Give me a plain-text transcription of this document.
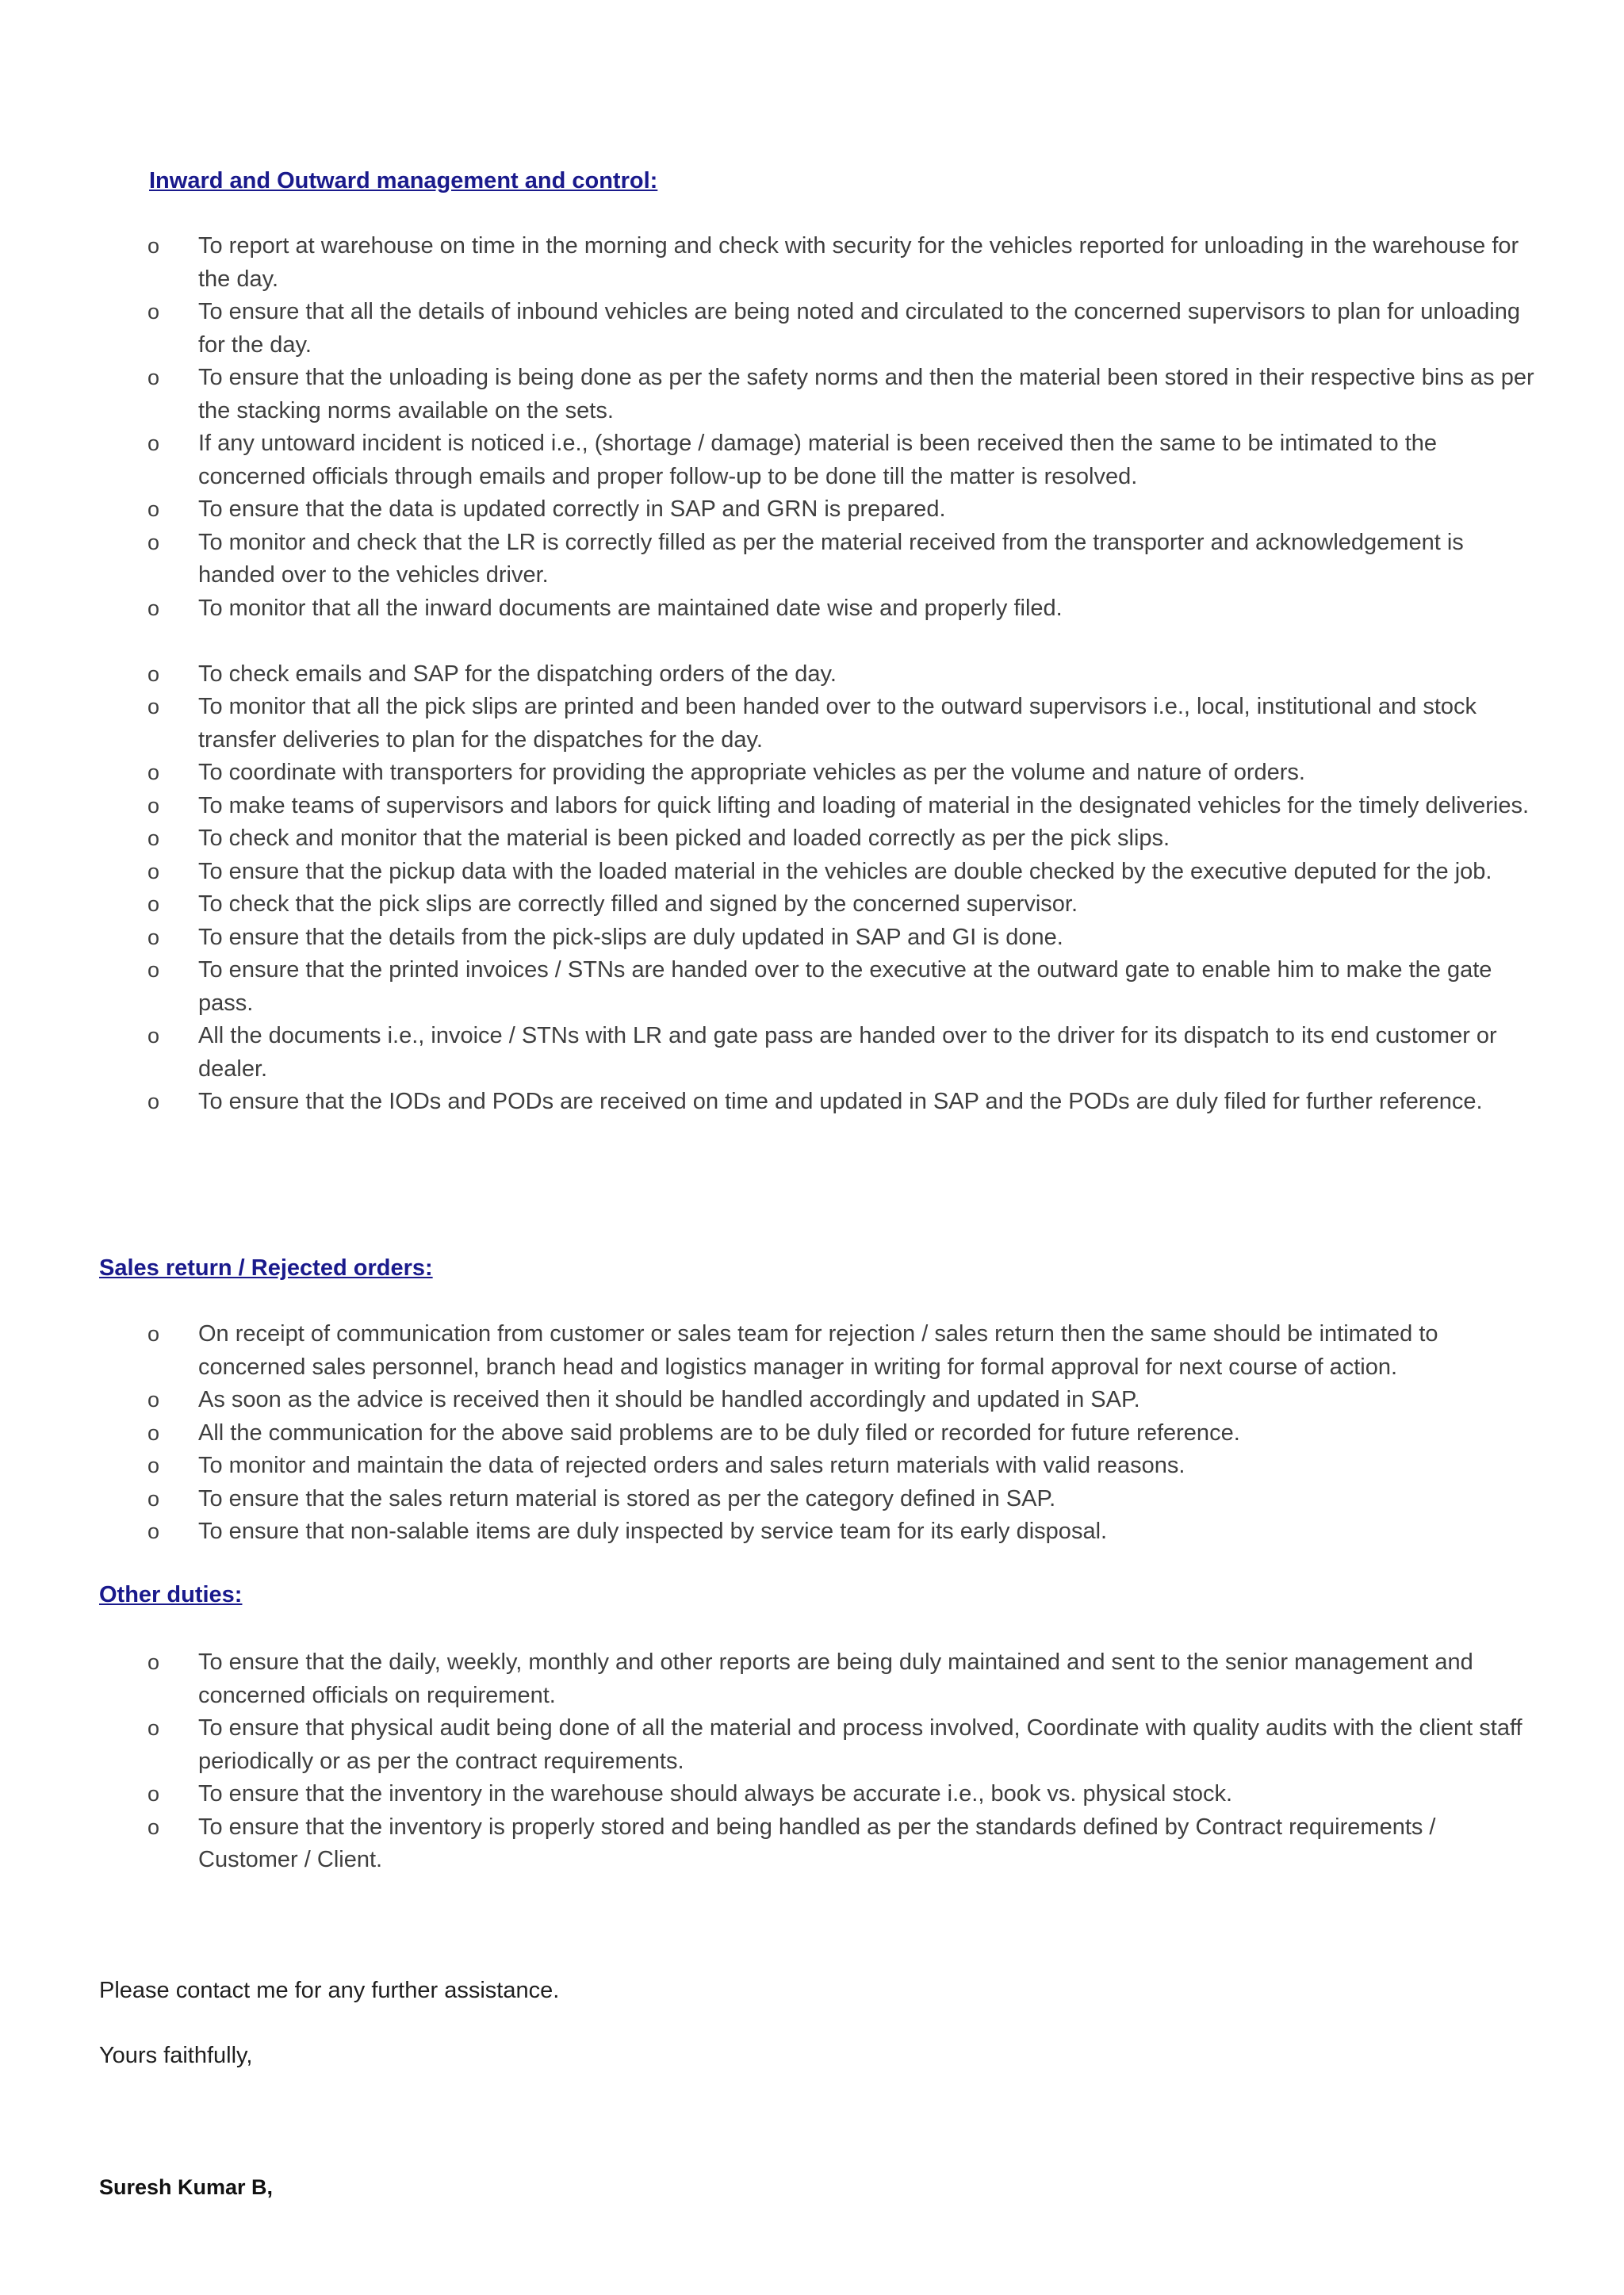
Inward and Outward management and control:
o To report at warehouse on time in the morning and check with security for the vehicles reported for unloading in the warehouse for the day.
o To ensure that all the details of inbound vehicles are being noted and circulated to the concerned supervisors to plan for unloading for the day.
o To ensure that the unloading is being done as per the safety norms and then the material been stored in their respective bins as per the stacking norms available on the sets.
o If any untoward incident is noticed i.e., (shortage / damage) material is been received then the same to be intimated to the concerned officials through emails and proper follow-up to be done till the matter is resolved.
o To ensure that the data is updated correctly in SAP and GRN is prepared.
o To monitor and check that the LR is correctly filled as per the material received from the transporter and acknowledgement is handed over to the vehicles driver.
o To monitor that all the inward documents are maintained date wise and properly filed.
o To check emails and SAP for the dispatching orders of the day.
o To monitor that all the pick slips are printed and been handed over to the outward supervisors i.e., local, institutional and stock transfer deliveries to plan for the dispatches for the day.
o To coordinate with transporters for providing the appropriate vehicles as per the volume and nature of orders.
o To make teams of supervisors and labors for quick lifting and loading of material in the designated vehicles for the timely deliveries.
o To check and monitor that the material is been picked and loaded correctly as per the pick slips.
o To ensure that the pickup data with the loaded material in the vehicles are double checked by the executive deputed for the job.
o To check that the pick slips are correctly filled and signed by the concerned supervisor.
o To ensure that the details from the pick-slips are duly updated in SAP and GI is done.
o To ensure that the printed invoices / STNs are handed over to the executive at the outward gate to enable him to make the gate pass.
o All the documents i.e., invoice / STNs with LR and gate pass are handed over to the driver for its dispatch to its end customer or dealer.
o To ensure that the IODs and PODs are received on time and updated in SAP and the PODs are duly filed for further reference.
Sales return / Rejected orders:
o On receipt of communication from customer or sales team for rejection / sales return then the same should be intimated to concerned sales personnel, branch head and logistics manager in writing for formal approval for next course of action.
o As soon as the advice is received then it should be handled accordingly and updated in SAP.
o All the communication for the above said problems are to be duly filed or recorded for future reference.
o To monitor and maintain the data of rejected orders and sales return materials with valid reasons.
o To ensure that the sales return material is stored as per the category defined in SAP.
o To ensure that non-salable items are duly inspected by service team for its early disposal.
Other duties:
o To ensure that the daily, weekly, monthly and other reports are being duly maintained and sent to the senior management and concerned officials on requirement.
o To ensure that physical audit being done of all the material and process involved, Coordinate with quality audits with the client staff periodically or as per the contract requirements.
o To ensure that the inventory in the warehouse should always be accurate i.e., book vs. physical stock.
o To ensure that the inventory is properly stored and being handled as per the standards defined by Contract requirements / Customer / Client.
Please contact me for any further assistance.
Yours faithfully,
Suresh Kumar B,
